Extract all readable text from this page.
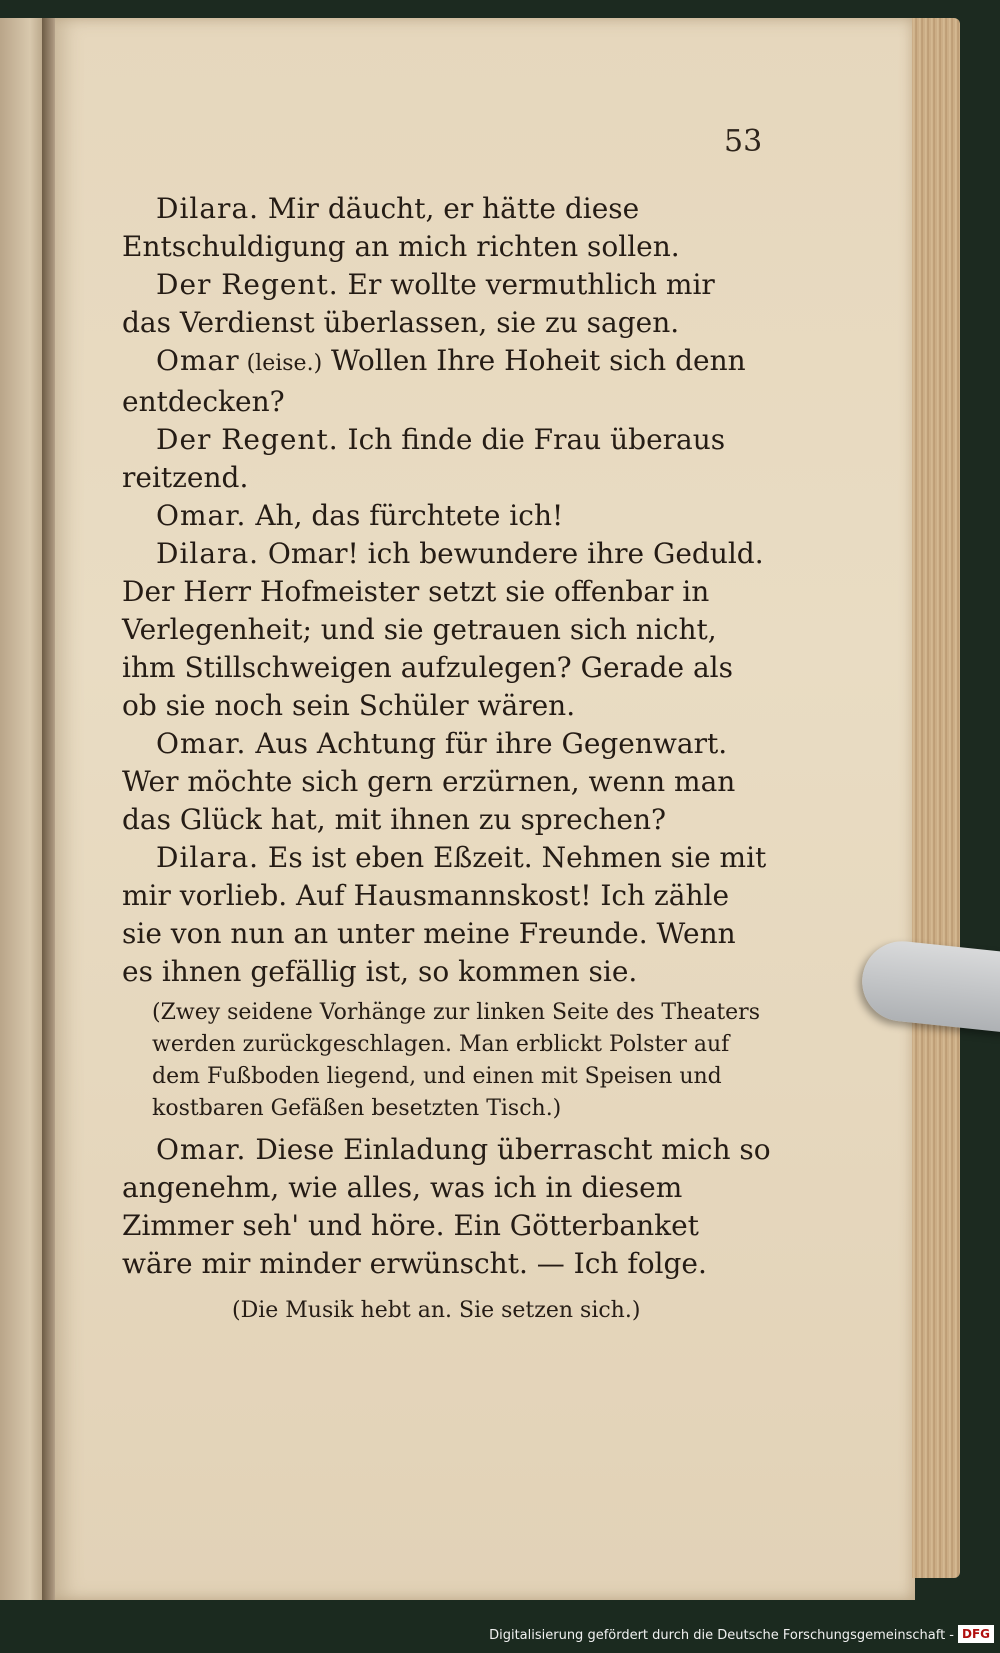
53

Dilara. Mir däucht, er hätte diese Entschuldigung an mich richten sollen.

Der Regent. Er wollte vermuthlich mir das Verdienst überlassen, sie zu sagen.

Omar (leise.) Wollen Ihre Hoheit sich denn entdecken?

Der Regent. Ich finde die Frau überaus reitzend.

Omar. Ah, das fürchtete ich!

Dilara. Omar! ich bewundere ihre Geduld. Der Herr Hofmeister setzt sie offenbar in Verlegenheit; und sie getrauen sich nicht, ihm Stillschweigen aufzulegen? Gerade als ob sie noch sein Schüler wären.

Omar. Aus Achtung für ihre Gegenwart. Wer möchte sich gern erzürnen, wenn man das Glück hat, mit ihnen zu sprechen?

Dilara. Es ist eben Eßzeit. Nehmen sie mit mir vorlieb. Auf Hausmannskost! Ich zähle sie von nun an unter meine Freunde. Wenn es ihnen gefällig ist, so kommen sie.

(Zwey seidene Vorhänge zur linken Seite des Theaters werden zurückgeschlagen. Man erblickt Polster auf dem Fußboden liegend, und einen mit Speisen und kostbaren Gefäßen besetzten Tisch.)

Omar. Diese Einladung überrascht mich so angenehm, wie alles, was ich in diesem Zimmer seh' und höre. Ein Götterbanket wäre mir minder erwünscht. — Ich folge.

(Die Musik hebt an. Sie setzen sich.)

Digitalisierung gefördert durch die Deutsche Forschungsgemeinschaft - DFG
